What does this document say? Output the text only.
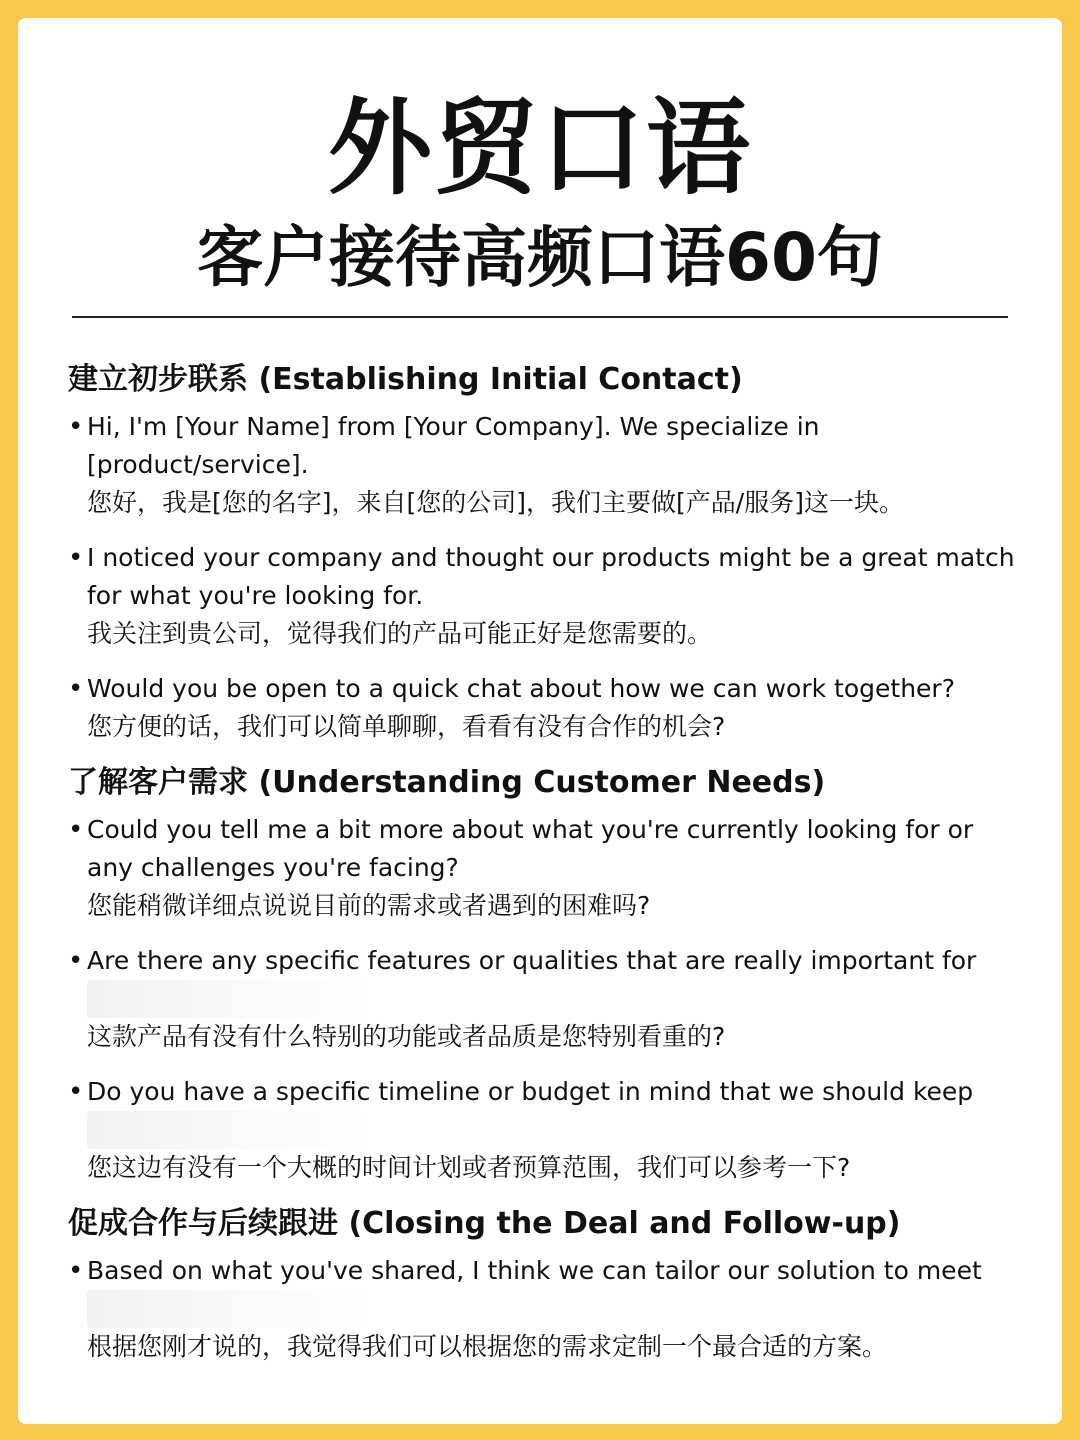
外贸口语
客户接待高频口语60句
建立初步联系 (Establishing Initial Contact)
• Hi, I'm [Your Name] from [Your Company]. We specialize in [product/service].
您好，我是[您的名字]，来自[您的公司]，我们主要做[产品/服务]这一块。
• I noticed your company and thought our products might be a great match for what you're looking for.
我关注到贵公司，觉得我们的产品可能正好是您需要的。
• Would you be open to a quick chat about how we can work together?
您方便的话，我们可以简单聊聊，看看有没有合作的机会?
了解客户需求 (Understanding Customer Needs)
• Could you tell me a bit more about what you're currently looking for or any challenges you're facing?
您能稍微详细点说说目前的需求或者遇到的困难吗?
• Are there any specific features or qualities that are really important for
这款产品有没有什么特别的功能或者品质是您特别看重的?
• Do you have a specific timeline or budget in mind that we should keep
您这边有没有一个大概的时间计划或者预算范围，我们可以参考一下?
促成合作与后续跟进 (Closing the Deal and Follow-up)
• Based on what you've shared, I think we can tailor our solution to meet
根据您刚才说的，我觉得我们可以根据您的需求定制一个最合适的方案。
